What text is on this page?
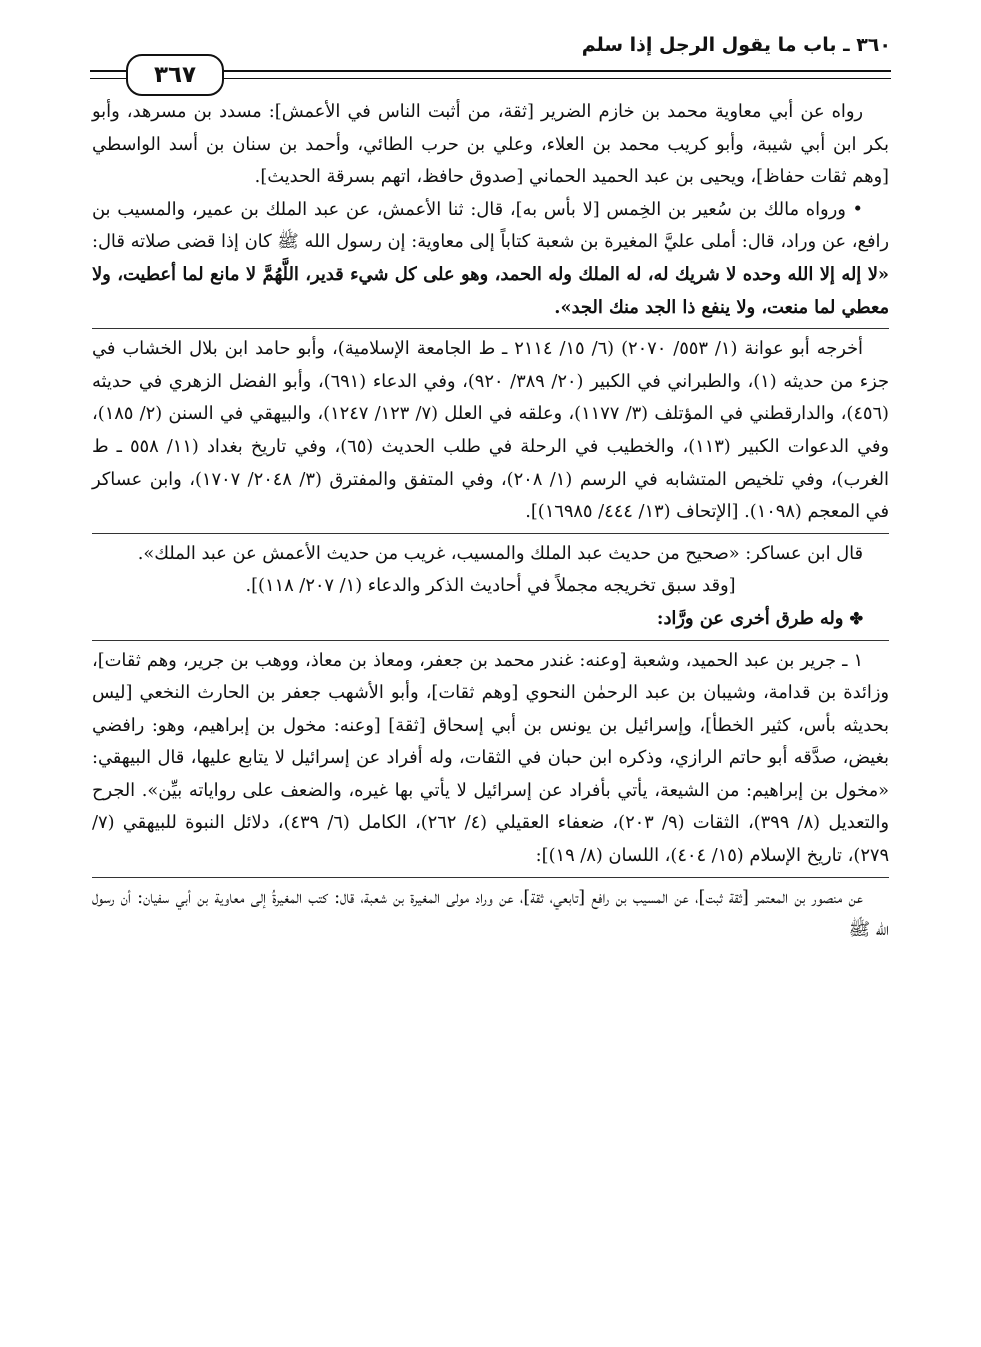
٣٦٠ ـ باب ما يقول الرجل إذا سلم
٣٦٧

رواه عن أبي معاوية محمد بن خازم الضرير [ثقة، من أثبت الناس في الأعمش]: مسدد بن مسرهد، وأبو بكر ابن أبي شيبة، وأبو كريب محمد بن العلاء، وعلي بن حرب الطائي، وأحمد بن سنان بن أسد الواسطي [وهم ثقات حفاظ]، ويحيى بن عبد الحميد الحماني [صدوق حافظ، اتهم بسرقة الحديث].

• ورواه مالك بن سُعير بن الخِمس [لا بأس به]، قال: ثنا الأعمش، عن عبد الملك بن عمير، والمسيب بن رافع، عن وراد، قال: أملى عليَّ المغيرة بن شعبة كتاباً إلى معاوية: إن رسول الله ﷺ كان إذا قضى صلاته قال: «لا إله إلا الله وحده لا شريك له، له الملك وله الحمد، وهو على كل شيء قدير، اللَّهُمَّ لا مانع لما أعطيت، ولا معطي لما منعت، ولا ينفع ذا الجد منك الجد».

أخرجه أبو عوانة (١/ ٥٥٣/ ٢٠٧٠) (٦/ ١٥/ ٢١١٤ ـ ط الجامعة الإسلامية)، وأبو حامد ابن بلال الخشاب في جزء من حديثه (١)، والطبراني في الكبير (٢٠/ ٣٨٩/ ٩٢٠)، وفي الدعاء (٦٩١)، وأبو الفضل الزهري في حديثه (٤٥٦)، والدارقطني في المؤتلف (٣/ ١١٧٧)، وعلقه في العلل (٧/ ١٢٣/ ١٢٤٧)، والبيهقي في السنن (٢/ ١٨٥)، وفي الدعوات الكبير (١١٣)، والخطيب في الرحلة في طلب الحديث (٦٥)، وفي تاريخ بغداد (١١/ ٥٥٨ ـ ط الغرب)، وفي تلخيص المتشابه في الرسم (١/ ٢٠٨)، وفي المتفق والمفترق (٣/ ٢٠٤٨/ ١٧٠٧)، وابن عساكر في المعجم (١٠٩٨). [الإتحاف (١٣/ ٤٤٤/ ١٦٩٨٥)].

قال ابن عساكر: «صحيح من حديث عبد الملك والمسيب، غريب من حديث الأعمش عن عبد الملك».

[وقد سبق تخريجه مجملاً في أحاديث الذكر والدعاء (١/ ٢٠٧/ ١١٨)].

✤ وله طرق أخرى عن ورَّاد:

١ ـ جرير بن عبد الحميد، وشعبة [وعنه: غندر محمد بن جعفر، ومعاذ بن معاذ، ووهب بن جرير، وهم ثقات]، وزائدة بن قدامة، وشيبان بن عبد الرحمٰن النحوي [وهم ثقات]، وأبو الأشهب جعفر بن الحارث النخعي [ليس بحديثه بأس، كثير الخطأ]، وإسرائيل بن يونس بن أبي إسحاق [ثقة] [وعنه: مخول بن إبراهيم، وهو: رافضي بغيض، صدَّقه أبو حاتم الرازي، وذكره ابن حبان في الثقات، وله أفراد عن إسرائيل لا يتابع عليها، قال البيهقي: «مخول بن إبراهيم: من الشيعة، يأتي بأفراد عن إسرائيل لا يأتي بها غيره، والضعف على رواياته بيِّن». الجرح والتعديل (٨/ ٣٩٩)، الثقات (٩/ ٢٠٣)، ضعفاء العقيلي (٤/ ٢٦٢)، الكامل (٦/ ٤٣٩)، دلائل النبوة للبيهقي (٧/ ٢٧٩)، تاريخ الإسلام (١٥/ ٤٠٤)، اللسان (٨/ ١٩)]:

عن منصور بن المعتمر [ثقة ثبت]، عن المسيب بن رافع [تابعي، ثقة]، عن وراد مولى المغيرة بن شعبة، قال: كتب المغيرةُ إلى معاوية بن أبي سفيان: أن رسول الله ﷺ
